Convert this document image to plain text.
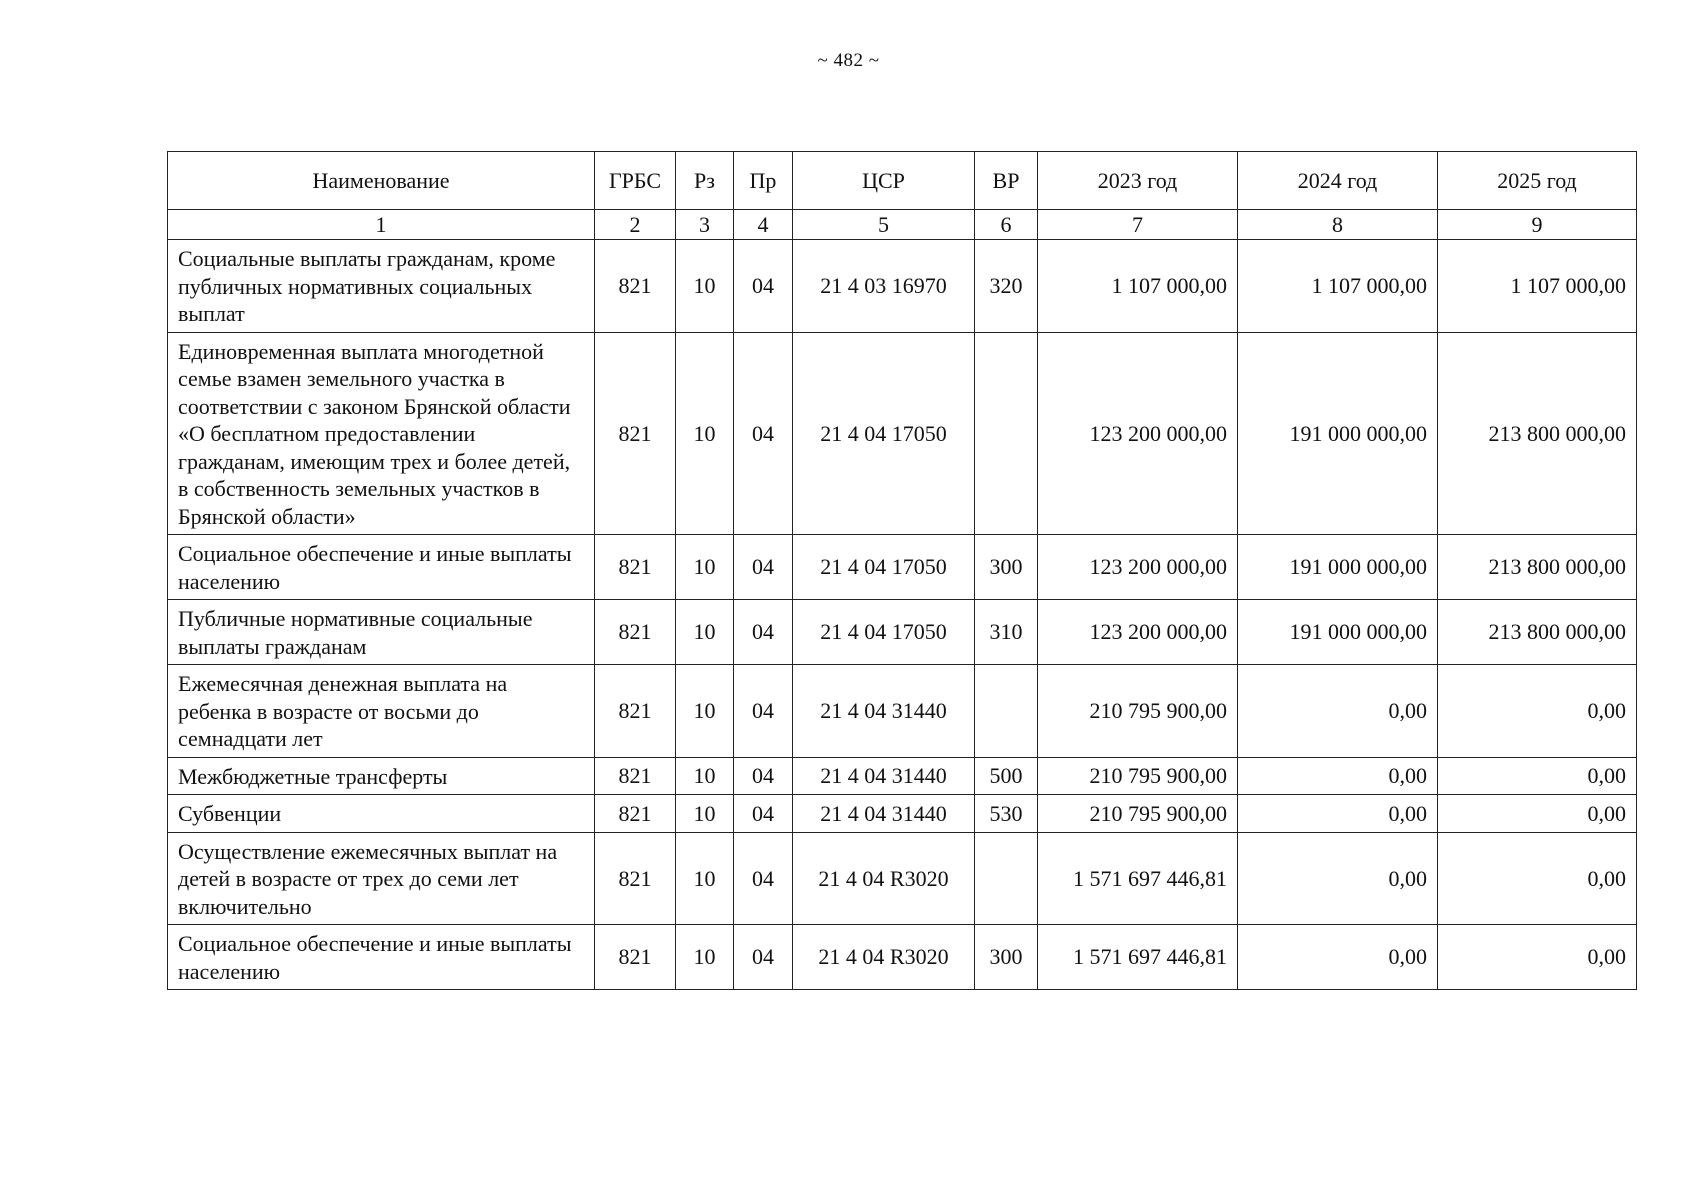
~ 482 ~
Наименование	ГРБС	Рз	Пр	ЦСР	ВР	2023 год	2024 год	2025 год
1	2	3	4	5	6	7	8	9
Социальные выплаты гражданам, кроме публичных нормативных социальных выплат	821	10	04	21 4 03 16970	320	1 107 000,00	1 107 000,00	1 107 000,00
Единовременная выплата многодетной семье взамен земельного участка в соответствии с законом Брянской области «О бесплатном предоставлении гражданам, имеющим трех и более детей, в собственность земельных участков в Брянской области»	821	10	04	21 4 04 17050		123 200 000,00	191 000 000,00	213 800 000,00
Социальное обеспечение и иные выплаты населению	821	10	04	21 4 04 17050	300	123 200 000,00	191 000 000,00	213 800 000,00
Публичные нормативные социальные выплаты гражданам	821	10	04	21 4 04 17050	310	123 200 000,00	191 000 000,00	213 800 000,00
Ежемесячная денежная выплата на ребенка в возрасте от восьми до семнадцати лет	821	10	04	21 4 04 31440		210 795 900,00	0,00	0,00
Межбюджетные трансферты	821	10	04	21 4 04 31440	500	210 795 900,00	0,00	0,00
Субвенции	821	10	04	21 4 04 31440	530	210 795 900,00	0,00	0,00
Осуществление ежемесячных выплат на детей в возрасте от трех до семи лет включительно	821	10	04	21 4 04 R3020		1 571 697 446,81	0,00	0,00
Социальное обеспечение и иные выплаты населению	821	10	04	21 4 04 R3020	300	1 571 697 446,81	0,00	0,00
